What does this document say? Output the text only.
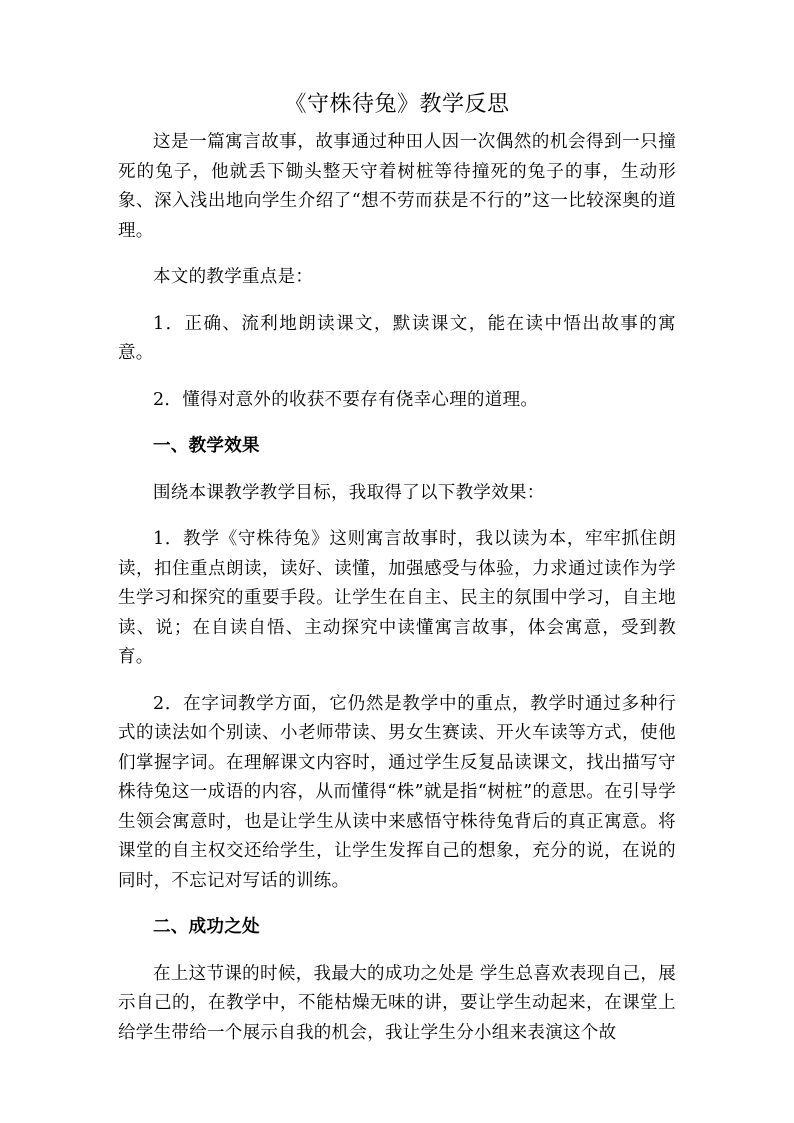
《守株待兔》教学反思

这是一篇寓言故事，故事通过种田人因一次偶然的机会得到一只撞死的兔子，他就丢下锄头整天守着树桩等待撞死的兔子的事，生动形象、深入浅出地向学生介绍了“想不劳而获是不行的”这一比较深奥的道理。

本文的教学重点是：

1．正确、流利地朗读课文，默读课文，能在读中悟出故事的寓意。

2．懂得对意外的收获不要存有侥幸心理的道理。

一、教学效果

围绕本课教学教学目标，我取得了以下教学效果：

1．教学《守株待兔》这则寓言故事时，我以读为本，牢牢抓住朗读，扣住重点朗读，读好、读懂，加强感受与体验，力求通过读作为学生学习和探究的重要手段。让学生在自主、民主的氛围中学习，自主地读、说；在自读自悟、主动探究中读懂寓言故事，体会寓意，受到教育。

2．在字词教学方面，它仍然是教学中的重点，教学时通过多种行式的读法如个别读、小老师带读、男女生赛读、开火车读等方式，使他们掌握字词。在理解课文内容时，通过学生反复品读课文，找出描写守株待兔这一成语的内容，从而懂得“株”就是指“树桩”的意思。在引导学生领会寓意时，也是让学生从读中来感悟守株待兔背后的真正寓意。将课堂的自主权交还给学生，让学生发挥自己的想象，充分的说，在说的同时，不忘记对写话的训练。

二、成功之处

在上这节课的时候，我最大的成功之处是 学生总喜欢表现自己，展示自己的，在教学中，不能枯燥无味的讲，要让学生动起来，在课堂上给学生带给一个展示自我的机会，我让学生分小组来表演这个故
